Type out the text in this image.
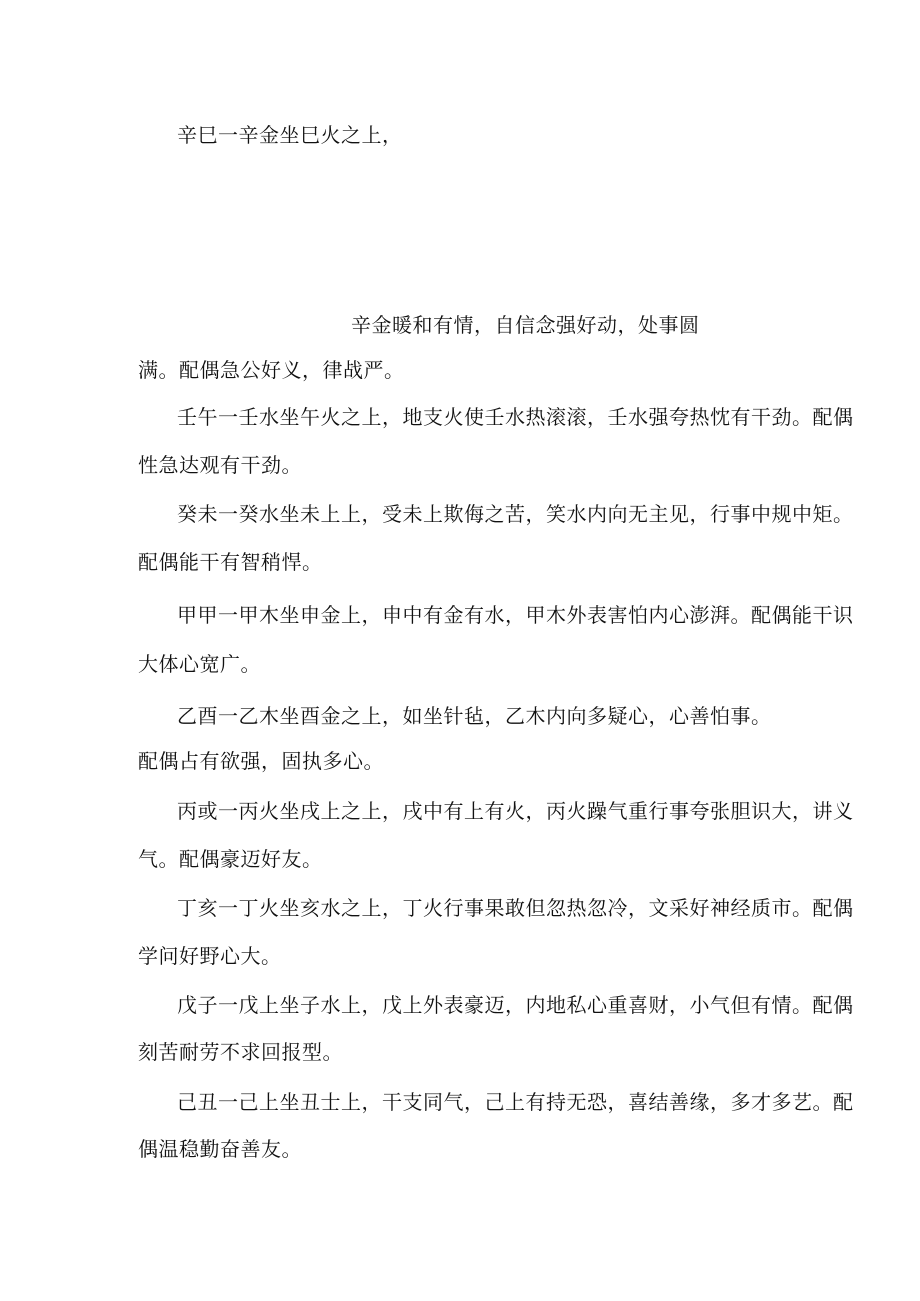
辛巳一辛金坐巳火之上，
辛金暖和有情，自信念强好动，处事圆
满。配偶急公好义，律战严。
壬午一壬水坐午火之上，地支火使壬水热滚滚，壬水强夸热忱有干劲。配偶
性急达观有干劲。
癸未一癸水坐未上上，受未上欺侮之苦，笑水内向无主见，行事中规中矩。
配偶能干有智稍悍。
甲甲一甲木坐申金上，申中有金有水，甲木外表害怕内心澎湃。配偶能干识
大体心宽广。
乙酉一乙木坐酉金之上，如坐针毡，乙木内向多疑心，心善怕事。
配偶占有欲强，固执多心。
丙或一丙火坐戌上之上，戌中有上有火，丙火躁气重行事夸张胆识大，讲义
气。配偶豪迈好友。
丁亥一丁火坐亥水之上，丁火行事果敢但忽热忽冷，文采好神经质市。配偶
学问好野心大。
戊子一戊上坐子水上，戊上外表豪迈，内地私心重喜财，小气但有情。配偶
刻苦耐劳不求回报型。
己丑一己上坐丑士上，干支同气，己上有持无恐，喜结善缘，多才多艺。配
偶温稳勤奋善友。
